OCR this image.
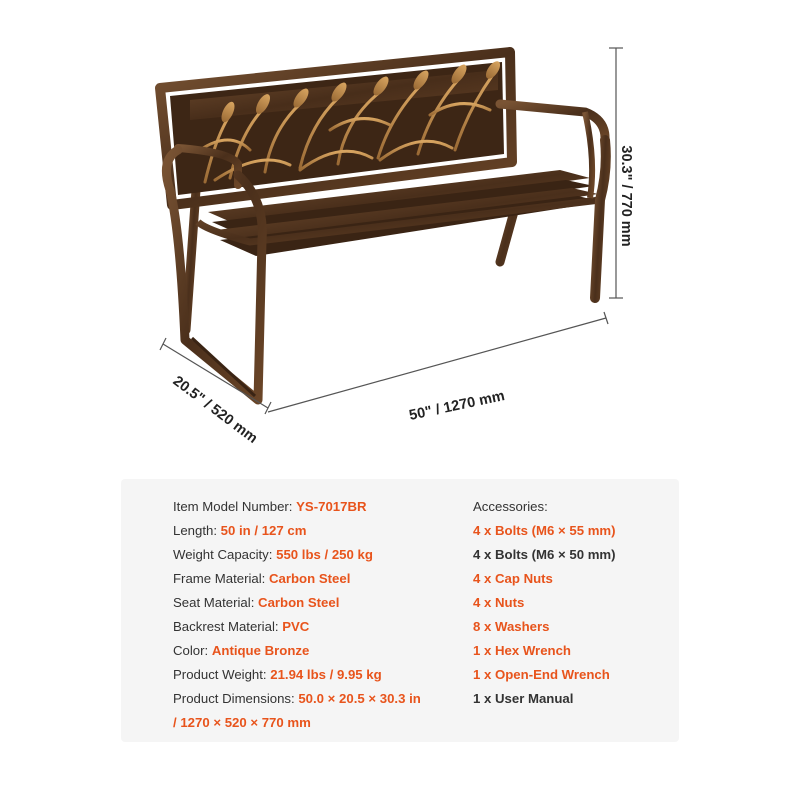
30.3" / 770 mm
20.5" / 520 mm	50" / 1270 mm
Item Model Number: YS-7017BR
Length: 50 in / 127 cm
Weight Capacity: 550 lbs / 250 kg
Frame Material: Carbon Steel
Seat Material: Carbon Steel
Backrest Material: PVC
Color: Antique Bronze
Product Weight: 21.94 lbs / 9.95 kg
Product Dimensions: 50.0 × 20.5 × 30.3 in
/ 1270 × 520 × 770 mm
Accessories:
4 x Bolts (M6 × 55 mm)
4 x Bolts (M6 × 50 mm)
4 x Cap Nuts
4 x Nuts
8 x Washers
1 x Hex Wrench
1 x Open-End Wrench
1 x User Manual
